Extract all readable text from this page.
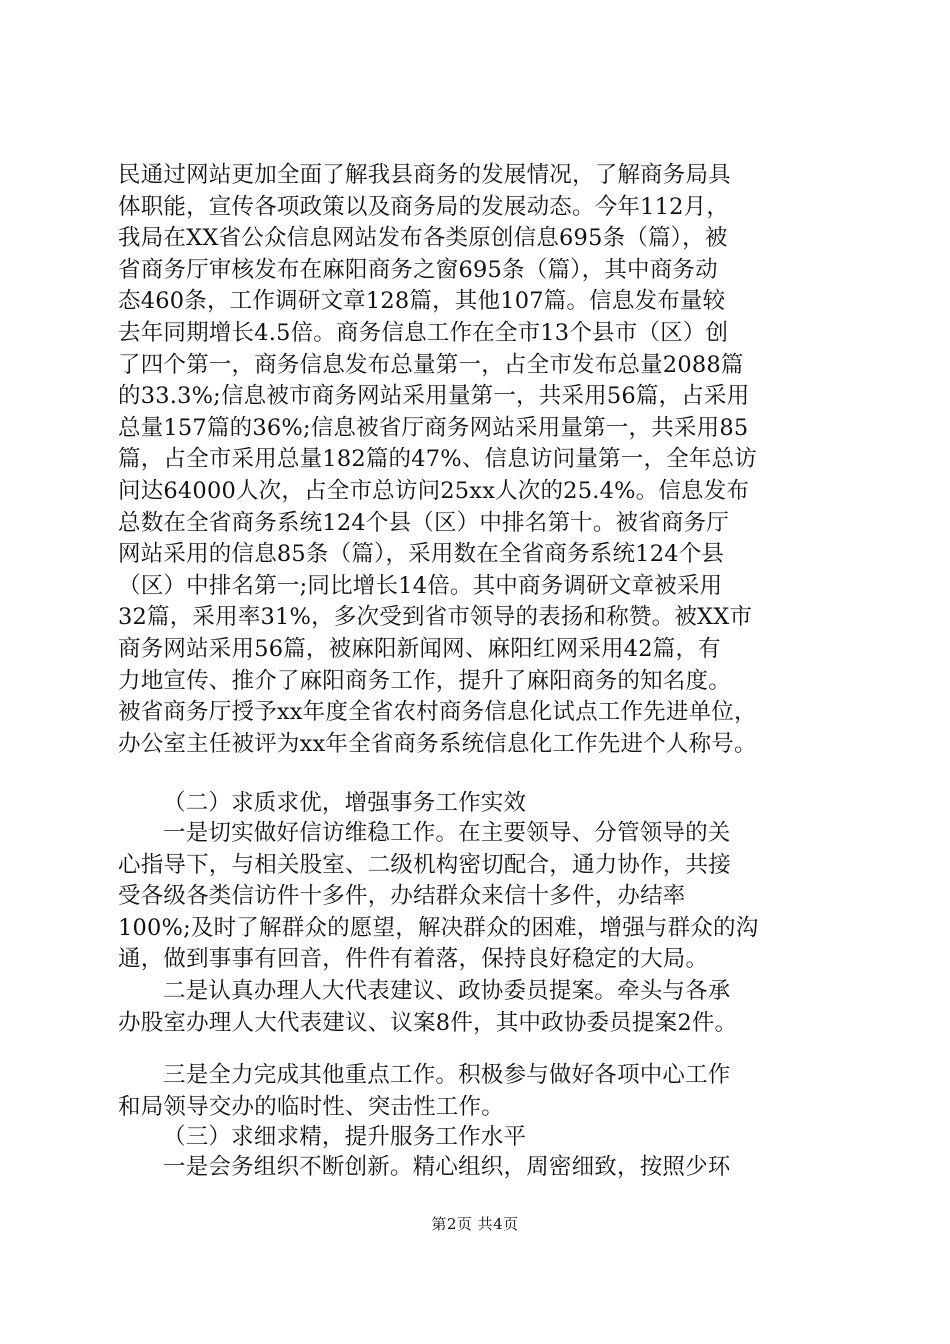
民通过网站更加全面了解我县商务的发展情况，了解商务局具
体职能，宣传各项政策以及商务局的发展动态。今年112月，
我局在XX省公众信息网站发布各类原创信息695条（篇），被
省商务厅审核发布在麻阳商务之窗695条（篇），其中商务动
态460条，工作调研文章128篇，其他107篇。信息发布量较
去年同期增长4.5倍。商务信息工作在全市13个县市（区）创
了四个第一，商务信息发布总量第一，占全市发布总量2088篇
的33.3%;信息被市商务网站采用量第一，共采用56篇，占采用
总量157篇的36%;信息被省厅商务网站采用量第一，共采用85
篇，占全市采用总量182篇的47%、信息访问量第一，全年总访
问达64000人次，占全市总访问25xx人次的25.4%。信息发布
总数在全省商务系统124个县（区）中排名第十。被省商务厅
网站采用的信息85条（篇），采用数在全省商务系统124个县
（区）中排名第一;同比增长14倍。其中商务调研文章被采用
32篇，采用率31%，多次受到省市领导的表扬和称赞。被XX市
商务网站采用56篇，被麻阳新闻网、麻阳红网采用42篇，有
力地宣传、推介了麻阳商务工作，提升了麻阳商务的知名度。
被省商务厅授予xx年度全省农村商务信息化试点工作先进单位，
办公室主任被评为xx年全省商务系统信息化工作先进个人称号。
（二）求质求优，增强事务工作实效
一是切实做好信访维稳工作。在主要领导、分管领导的关
心指导下，与相关股室、二级机构密切配合，通力协作，共接
受各级各类信访件十多件，办结群众来信十多件，办结率
100%;及时了解群众的愿望，解决群众的困难，增强与群众的沟
通，做到事事有回音，件件有着落，保持良好稳定的大局。
二是认真办理人大代表建议、政协委员提案。牵头与各承
办股室办理人大代表建议、议案8件，其中政协委员提案2件。
三是全力完成其他重点工作。积极参与做好各项中心工作
和局领导交办的临时性、突击性工作。
（三）求细求精，提升服务工作水平
一是会务组织不断创新。精心组织，周密细致，按照少环
第2页 共4页
